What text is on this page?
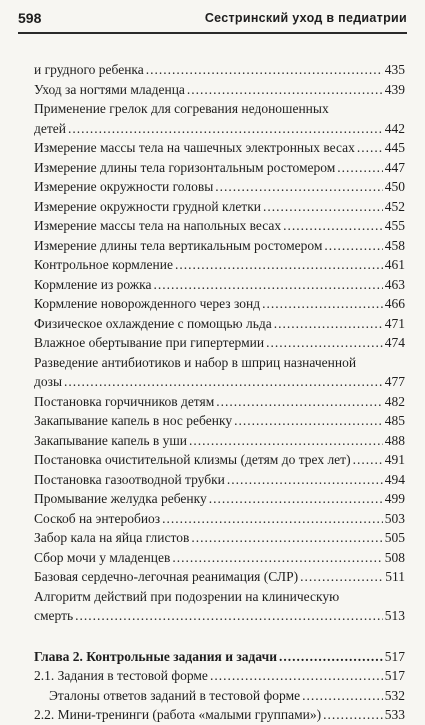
598	Сестринский уход в педиатрии
и грудного ребенка .....	435
Уход за ногтями младенца .....	439
Применение грелок для согревания недоношенных
детей .....	442
Измерение массы тела на чашечных электронных весах ..... 445
Измерение длины тела горизонтальным ростомером .....	447
Измерение окружности головы .....	450
Измерение окружности грудной клетки .....	452
Измерение массы тела на напольных весах .....	455
Измерение длины тела вертикальным ростомером .....	458
Контрольное кормление .....	461
Кормление из рожка .....	463
Кормление новорожденного через зонд .....	466
Физическое охлаждение с помощью льда .....	471
Влажное обертывание при гипертермии .....	474
Разведение антибиотиков и набор в шприц назначенной
дозы .....	477
Постановка горчичников детям .....	482
Закапывание капель в нос ребенку .....	485
Закапывание капель в уши .....	488
Постановка очистительной клизмы (детям до трех лет) .....	491
Постановка газоотводной трубки .....	494
Промывание желудка ребенку .....	499
Соскоб на энтеробиоз .....	503
Забор кала на яйца глистов .....	505
Сбор мочи у младенцев .....	508
Базовая сердечно-легочная реанимация (СЛР) .....	511
Алгоритм действий при подозрении на клиническую
смерть .....	513
Глава 2. Контрольные задания и задачи .....	517
2.1. Задания в тестовой форме .....	517
Эталоны ответов заданий в тестовой форме .....	532
2.2. Мини-тренинги (работа «малыми группами») .....	533
